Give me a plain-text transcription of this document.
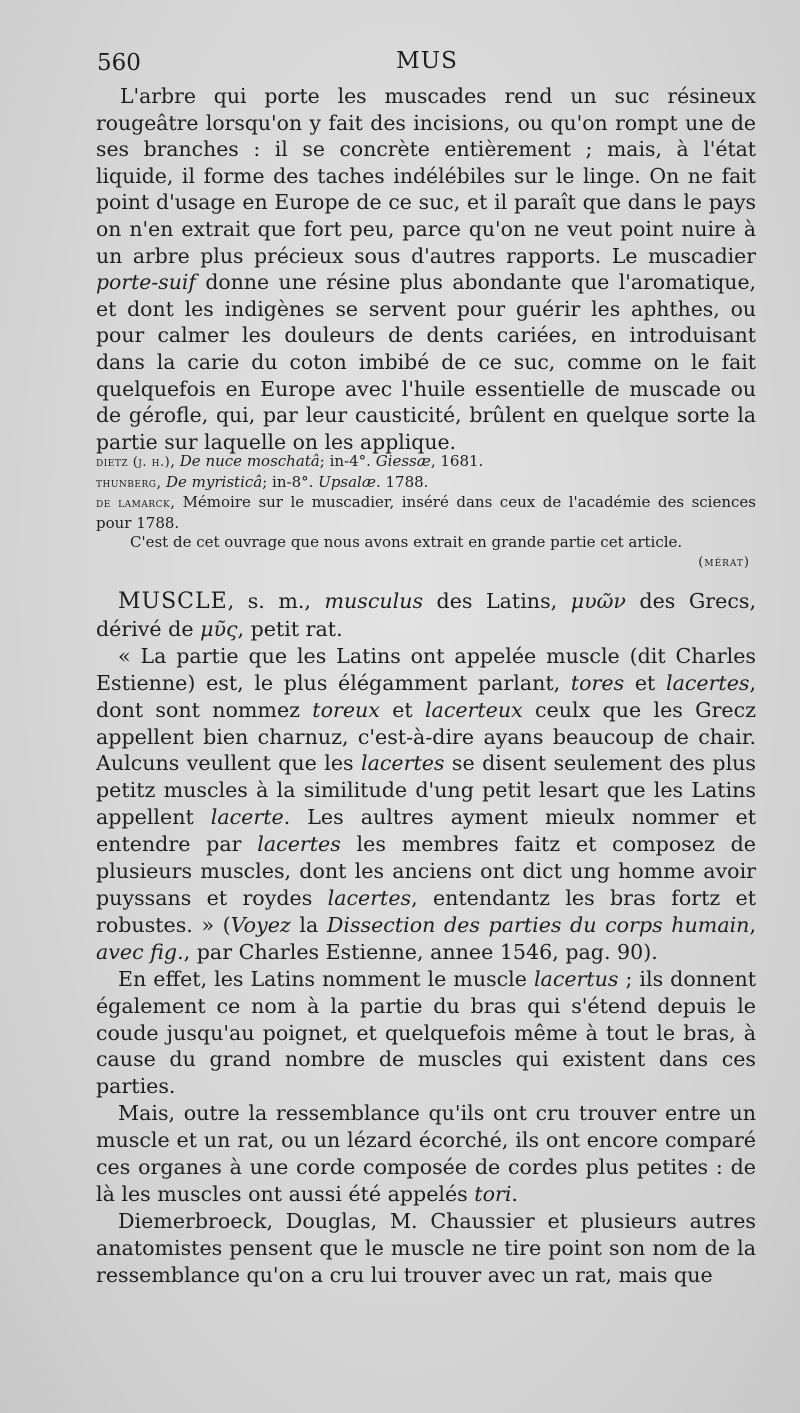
560	MUS

L'arbre qui porte les muscades rend un suc résineux rougeâtre lorsqu'on y fait des incisions, ou qu'on rompt une de ses branches : il se concrète entièrement ; mais, à l'état liquide, il forme des taches indélébiles sur le linge. On ne fait point d'usage en Europe de ce suc, et il paraît que dans le pays on n'en extrait que fort peu, parce qu'on ne veut point nuire à un arbre plus précieux sous d'autres rapports. Le muscadier porte-suif donne une résine plus abondante que l'aromatique, et dont les indigènes se servent pour guérir les aphthes, ou pour calmer les douleurs de dents cariées, en introduisant dans la carie du coton imbibé de ce suc, comme on le fait quelquefois en Europe avec l'huile essentielle de muscade ou de gérofle, qui, par leur causticité, brûlent en quelque sorte la partie sur laquelle on les applique.

dietz (j. h.), De nuce moschatâ; in-4°. Giessæ, 1681.

thunberg, De myristicâ; in-8°. Upsalæ. 1788.

de lamarck, Mémoire sur le muscadier, inséré dans ceux de l'académie des sciences pour 1788.

C'est de cet ouvrage que nous avons extrait en grande partie cet article.

(mérat)

MUSCLE, s. m., musculus des Latins, μυῶν des Grecs, dérivé de μῦς, petit rat.

« La partie que les Latins ont appelée muscle (dit Charles Estienne) est, le plus élégamment parlant, tores et lacertes, dont sont nommez toreux et lacerteux ceulx que les Grecz appellent bien charnuz, c'est-à-dire ayans beaucoup de chair. Aulcuns veullent que les lacertes se disent seulement des plus petitz muscles à la similitude d'ung petit lesart que les Latins appellent lacerte. Les aultres ayment mieulx nommer et entendre par lacertes les membres faitz et composez de plusieurs muscles, dont les anciens ont dict ung homme avoir puyssans et roydes lacertes, entendantz les bras fortz et robustes. » (Voyez la Dissection des parties du corps humain, avec fig., par Charles Estienne, annee 1546, pag. 90).

En effet, les Latins nomment le muscle lacertus ; ils donnent également ce nom à la partie du bras qui s'étend depuis le coude jusqu'au poignet, et quelquefois même à tout le bras, à cause du grand nombre de muscles qui existent dans ces parties.

Mais, outre la ressemblance qu'ils ont cru trouver entre un muscle et un rat, ou un lézard écorché, ils ont encore comparé ces organes à une corde composée de cordes plus petites : de là les muscles ont aussi été appelés tori.

Diemerbroeck, Douglas, M. Chaussier et plusieurs autres anatomistes pensent que le muscle ne tire point son nom de la ressemblance qu'on a cru lui trouver avec un rat, mais que
